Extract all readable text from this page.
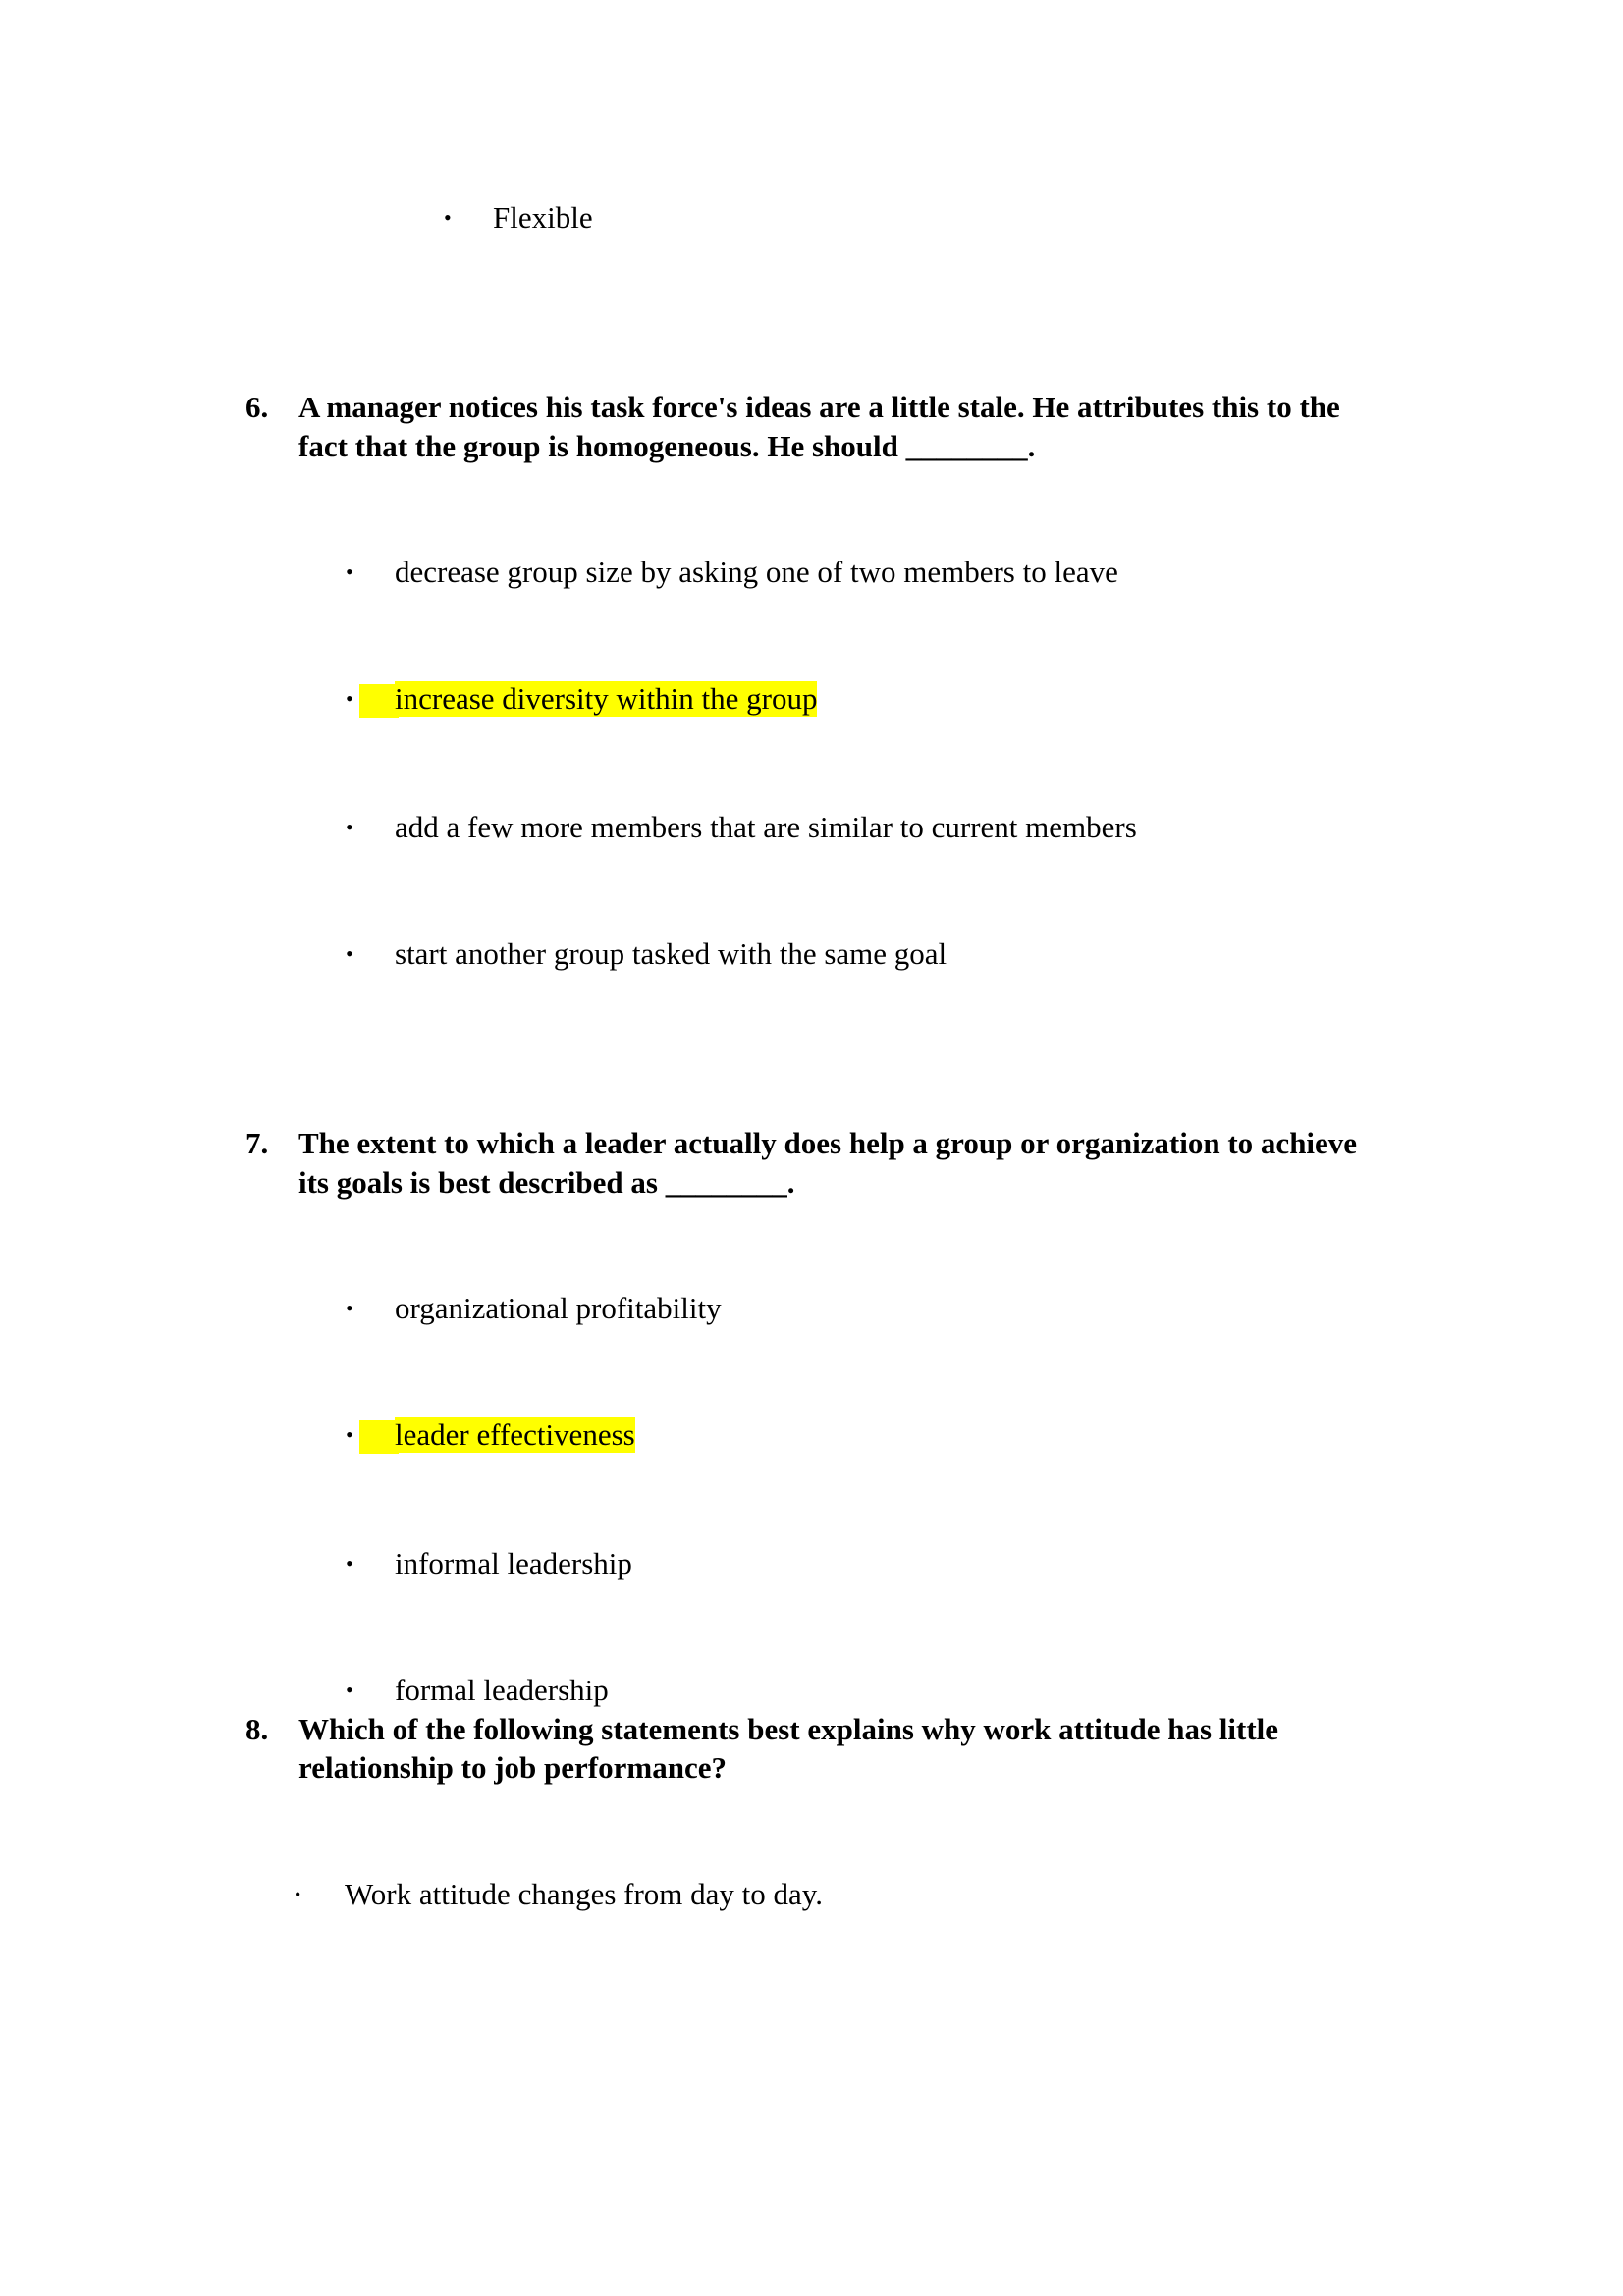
• Flexible
6. A manager notices his task force's ideas are a little stale. He attributes this to the
fact that the group is homogeneous. He should ________.
• decrease group size by asking one of two members to leave
• increase diversity within the group
• add a few more members that are similar to current members
• start another group tasked with the same goal
7. The extent to which a leader actually does help a group or organization to achieve
its goals is best described as ________.
• organizational profitability
• leader effectiveness
• informal leadership
• formal leadership
8. Which of the following statements best explains why work attitude has little
relationship to job performance?
• Work attitude changes from day to day.
